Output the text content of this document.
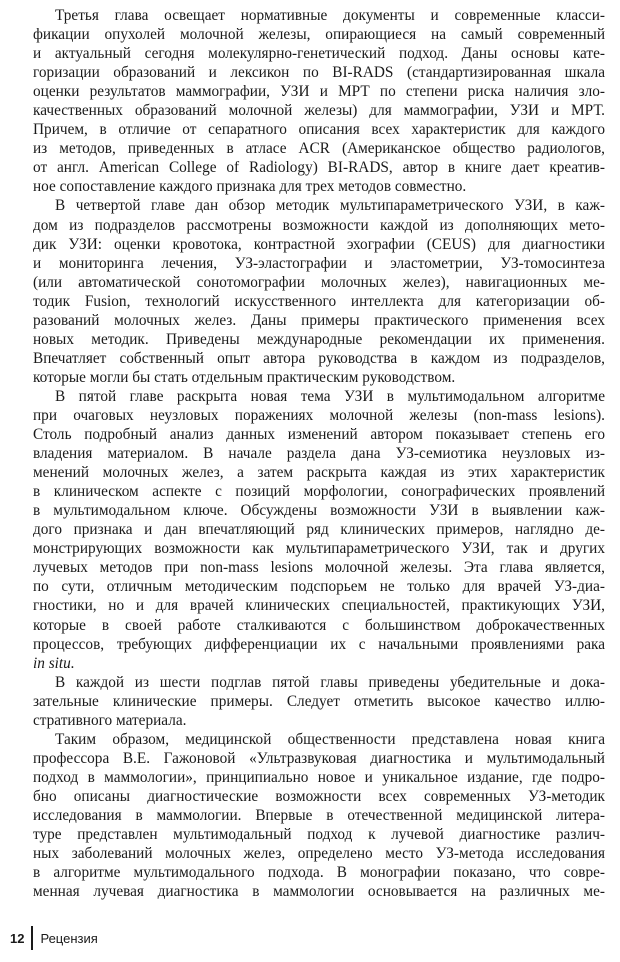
Третья глава освещает нормативные документы и современные класси-
фикации опухолей молочной железы, опирающиеся на самый современный
и актуальный сегодня молекулярно-генетический подход. Даны основы кате-
горизации образований и лексикон по BI-RADS (стандартизированная шкала
оценки результатов маммографии, УЗИ и МРТ по степени риска наличия зло-
качественных образований молочной железы) для маммографии, УЗИ и МРТ.
Причем, в отличие от сепаратного описания всех характеристик для каждого
из методов, приведенных в атласе ACR (Американское общество радиологов,
от англ. American College of Radiology) BI-RADS, автор в книге дает креатив-
ное сопоставление каждого признака для трех методов совместно.
В четвертой главе дан обзор методик мультипараметрического УЗИ, в каж-
дом из подразделов рассмотрены возможности каждой из дополняющих мето-
дик УЗИ: оценки кровотока, контрастной эхографии (CEUS) для диагностики
и мониторинга лечения, УЗ-эластографии и эластометрии, УЗ-томосинтеза
(или автоматической сонотомографии молочных желез), навигационных ме-
тодик Fusion, технологий искусственного интеллекта для категоризации об-
разований молочных желез. Даны примеры практического применения всех
новых методик. Приведены международные рекомендации их применения.
Впечатляет собственный опыт автора руководства в каждом из подразделов,
которые могли бы стать отдельным практическим руководством.
В пятой главе раскрыта новая тема УЗИ в мультимодальном алгоритме
при очаговых неузловых поражениях молочной железы (non-mass lesions).
Столь подробный анализ данных изменений автором показывает степень его
владения материалом. В начале раздела дана УЗ-семиотика неузловых из-
менений молочных желез, а затем раскрыта каждая из этих характеристик
в клиническом аспекте с позиций морфологии, сонографических проявлений
в мультимодальном ключе. Обсуждены возможности УЗИ в выявлении каж-
дого признака и дан впечатляющий ряд клинических примеров, наглядно де-
монстрирующих возможности как мультипараметрического УЗИ, так и других
лучевых методов при non-mass lesions молочной железы. Эта глава является,
по сути, отличным методическим подспорьем не только для врачей УЗ-диа-
гностики, но и для врачей клинических специальностей, практикующих УЗИ,
которые в своей работе сталкиваются с большинством доброкачественных
процессов, требующих дифференциации их с начальными проявлениями рака
in situ.
В каждой из шести подглав пятой главы приведены убедительные и дока-
зательные клинические примеры. Следует отметить высокое качество иллю-
стративного материала.
Таким образом, медицинской общественности представлена новая книга
профессора В.Е. Гажоновой «Ультразвуковая диагностика и мультимодальный
подход в маммологии», принципиально новое и уникальное издание, где подро-
бно описаны диагностические возможности всех современных УЗ-методик
исследования в маммологии. Впервые в отечественной медицинской литера-
туре представлен мультимодальный подход к лучевой диагностике различ-
ных заболеваний молочных желез, определено место УЗ-метода исследования
в алгоритме мультимодального подхода. В монографии показано, что совре-
менная лучевая диагностика в маммологии основывается на различных ме-
12 Рецензия
